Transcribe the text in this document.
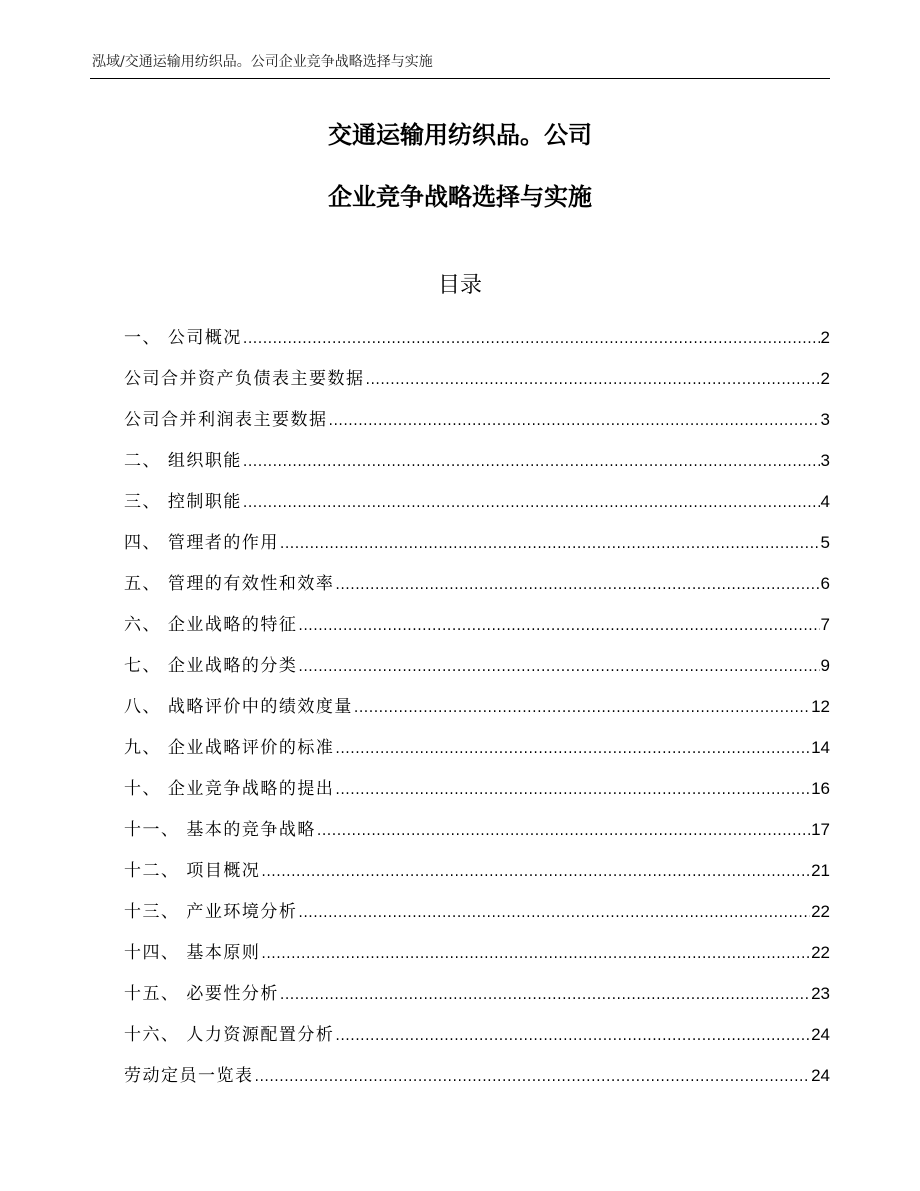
泓域/交通运输用纺织品。公司企业竞争战略选择与实施
交通运输用纺织品。公司
企业竞争战略选择与实施
目录
一、 公司概况 .....	2
公司合并资产负债表主要数据 .....	2
公司合并利润表主要数据 .....	3
二、 组织职能 .....	3
三、 控制职能 .....	4
四、 管理者的作用 .....	5
五、 管理的有效性和效率 .....	6
六、 企业战略的特征 .....	7
七、 企业战略的分类 .....	9
八、 战略评价中的绩效度量 .....	12
九、 企业战略评价的标准 .....	14
十、 企业竞争战略的提出 .....	16
十一、 基本的竞争战略 .....	17
十二、 项目概况 .....	21
十三、 产业环境分析 .....	22
十四、 基本原则 .....	22
十五、 必要性分析 .....	23
十六、 人力资源配置分析 .....	24
劳动定员一览表 .....	24
